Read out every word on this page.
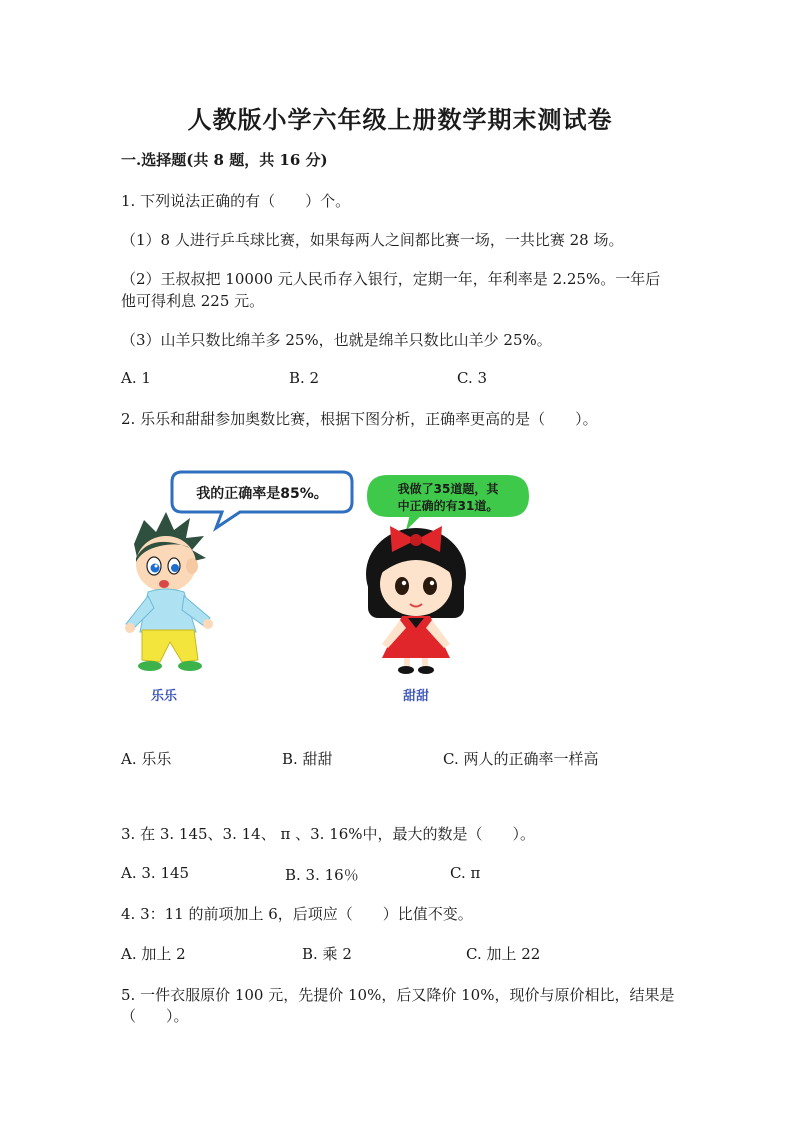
人教版小学六年级上册数学期末测试卷
一.选择题(共 8 题，共 16 分)
1. 下列说法正确的有（　　）个。
（1）8 人进行乒乓球比赛，如果每两人之间都比赛一场，一共比赛 28 场。
（2）王叔叔把 10000 元人民币存入银行，定期一年，年利率是 2.25%。一年后
他可得利息 225 元。
（3）山羊只数比绵羊多 25%，也就是绵羊只数比山羊少 25%。
A. 1	B. 2	C. 3
2. 乐乐和甜甜参加奥数比赛，根据下图分析，正确率更高的是（　　）。
我的正确率是85%。
乐乐
我做了35道题，其
中正确的有31道。
甜甜
A. 乐乐	B. 甜甜	C. 两人的正确率一样高
3. 在 3. 145、3. 14、 π 、3. 16%中，最大的数是（　　）。
A. 3. 145	B. 3. 16％	C. π
4. 3：11 的前项加上 6，后项应（　　）比值不变。
A. 加上 2	B. 乘 2	C. 加上 22
5. 一件衣服原价 100 元，先提价 10%，后又降价 10%，现价与原价相比，结果是
（　　）。
